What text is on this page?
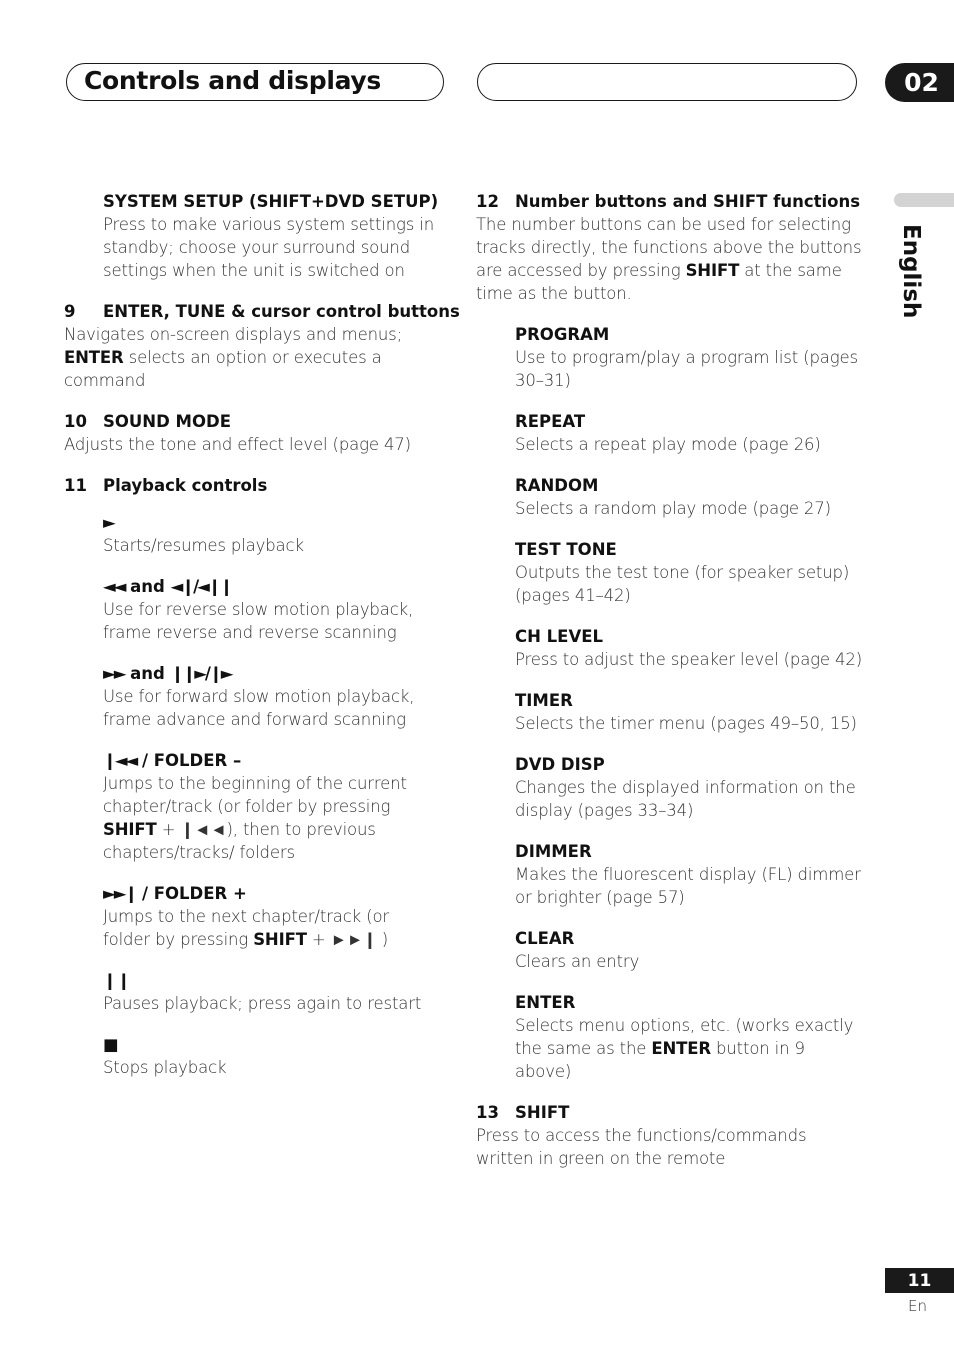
Controls and displays	02
English
SYSTEM SETUP (SHIFT+DVD SETUP)
Press to make various system settings in standby; choose your surround sound settings when the unit is switched on
9 ENTER, TUNE & cursor control buttons
Navigates on-screen displays and menus; ENTER selects an option or executes a command
10 SOUND MODE
Adjusts the tone and effect level (page 47)
11 Playback controls
►
Starts/resumes playback
◄◄ and ◄❙/◄❙❙
Use for reverse slow motion playback, frame reverse and reverse scanning
►► and ❙❙►/❙►
Use for forward slow motion playback, frame advance and forward scanning
❙◄◄ / FOLDER –
Jumps to the beginning of the current chapter/track (or folder by pressing SHIFT + ❙◄◄), then to previous chapters/tracks/ folders
►►❙ / FOLDER +
Jumps to the next chapter/track (or folder by pressing SHIFT + ►►❙ )
❙❙
Pauses playback; press again to restart
■
Stops playback
12 Number buttons and SHIFT functions
The number buttons can be used for selecting tracks directly, the functions above the buttons are accessed by pressing SHIFT at the same time as the button.
PROGRAM
Use to program/play a program list (pages 30–31)
REPEAT
Selects a repeat play mode (page 26)
RANDOM
Selects a random play mode (page 27)
TEST TONE
Outputs the test tone (for speaker setup) (pages 41–42)
CH LEVEL
Press to adjust the speaker level (page 42)
TIMER
Selects the timer menu (pages 49–50, 15)
DVD DISP
Changes the displayed information on the display (pages 33–34)
DIMMER
Makes the fluorescent display (FL) dimmer or brighter (page 57)
CLEAR
Clears an entry
ENTER
Selects menu options, etc. (works exactly the same as the ENTER button in 9 above)
13 SHIFT
Press to access the functions/commands written in green on the remote
11
En
